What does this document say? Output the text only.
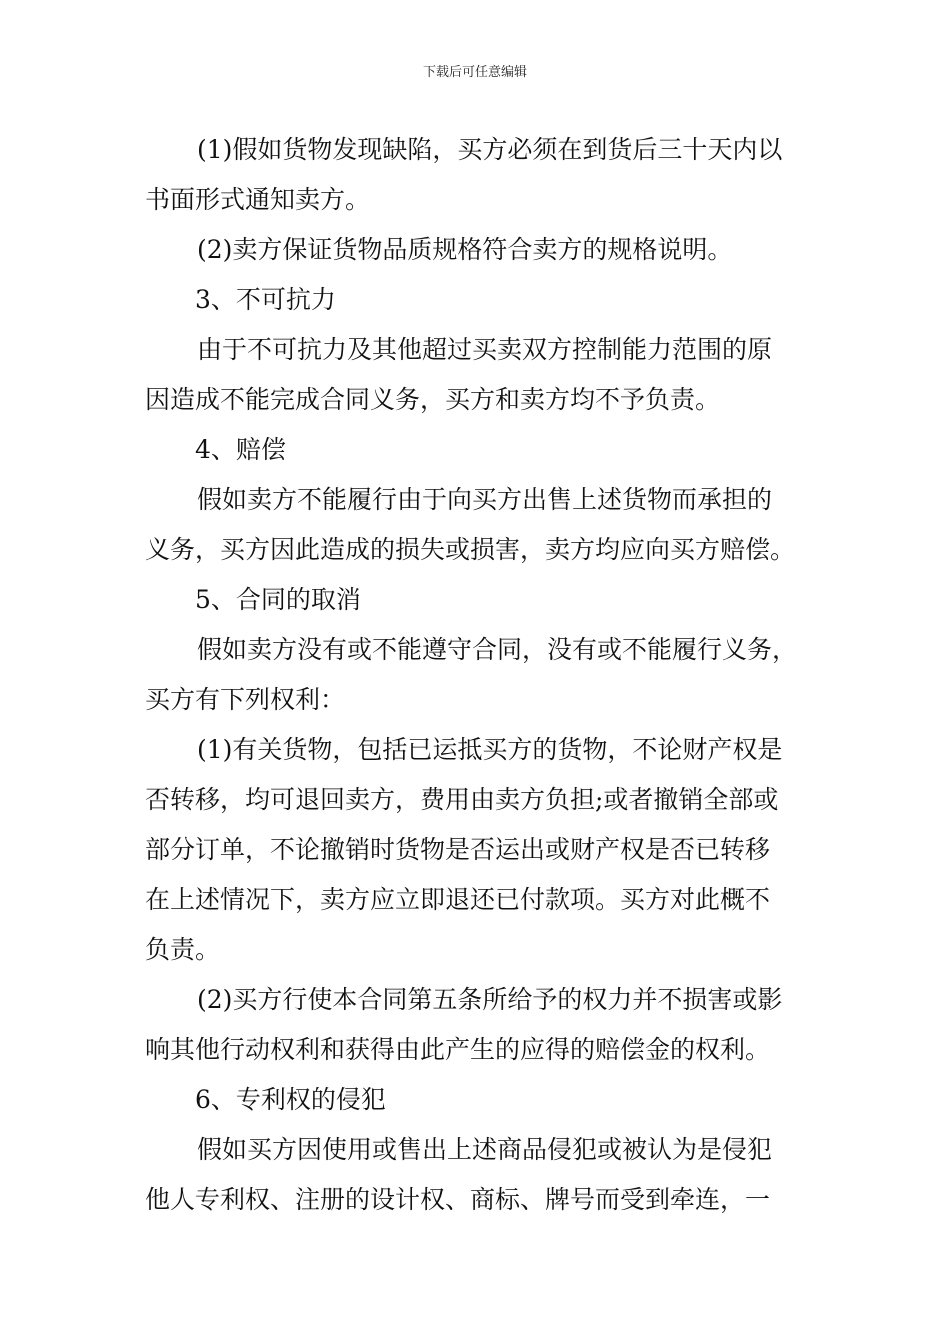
下载后可任意编辑
(1)假如货物发现缺陷，买方必须在到货后三十天内以
书面形式通知卖方。
(2)卖方保证货物品质规格符合卖方的规格说明。
3、不可抗力
由于不可抗力及其他超过买卖双方控制能力范围的原
因造成不能完成合同义务，买方和卖方均不予负责。
4、赔偿
假如卖方不能履行由于向买方出售上述货物而承担的
义务，买方因此造成的损失或损害，卖方均应向买方赔偿。
5、合同的取消
假如卖方没有或不能遵守合同，没有或不能履行义务，
买方有下列权利：
(1)有关货物，包括已运抵买方的货物，不论财产权是
否转移，均可退回卖方，费用由卖方负担;或者撤销全部或
部分订单，不论撤销时货物是否运出或财产权是否已转移
在上述情况下，卖方应立即退还已付款项。买方对此概不
负责。
(2)买方行使本合同第五条所给予的权力并不损害或影
响其他行动权利和获得由此产生的应得的赔偿金的权利。
6、专利权的侵犯
假如买方因使用或售出上述商品侵犯或被认为是侵犯
他人专利权、注册的设计权、商标、牌号而受到牵连，一
